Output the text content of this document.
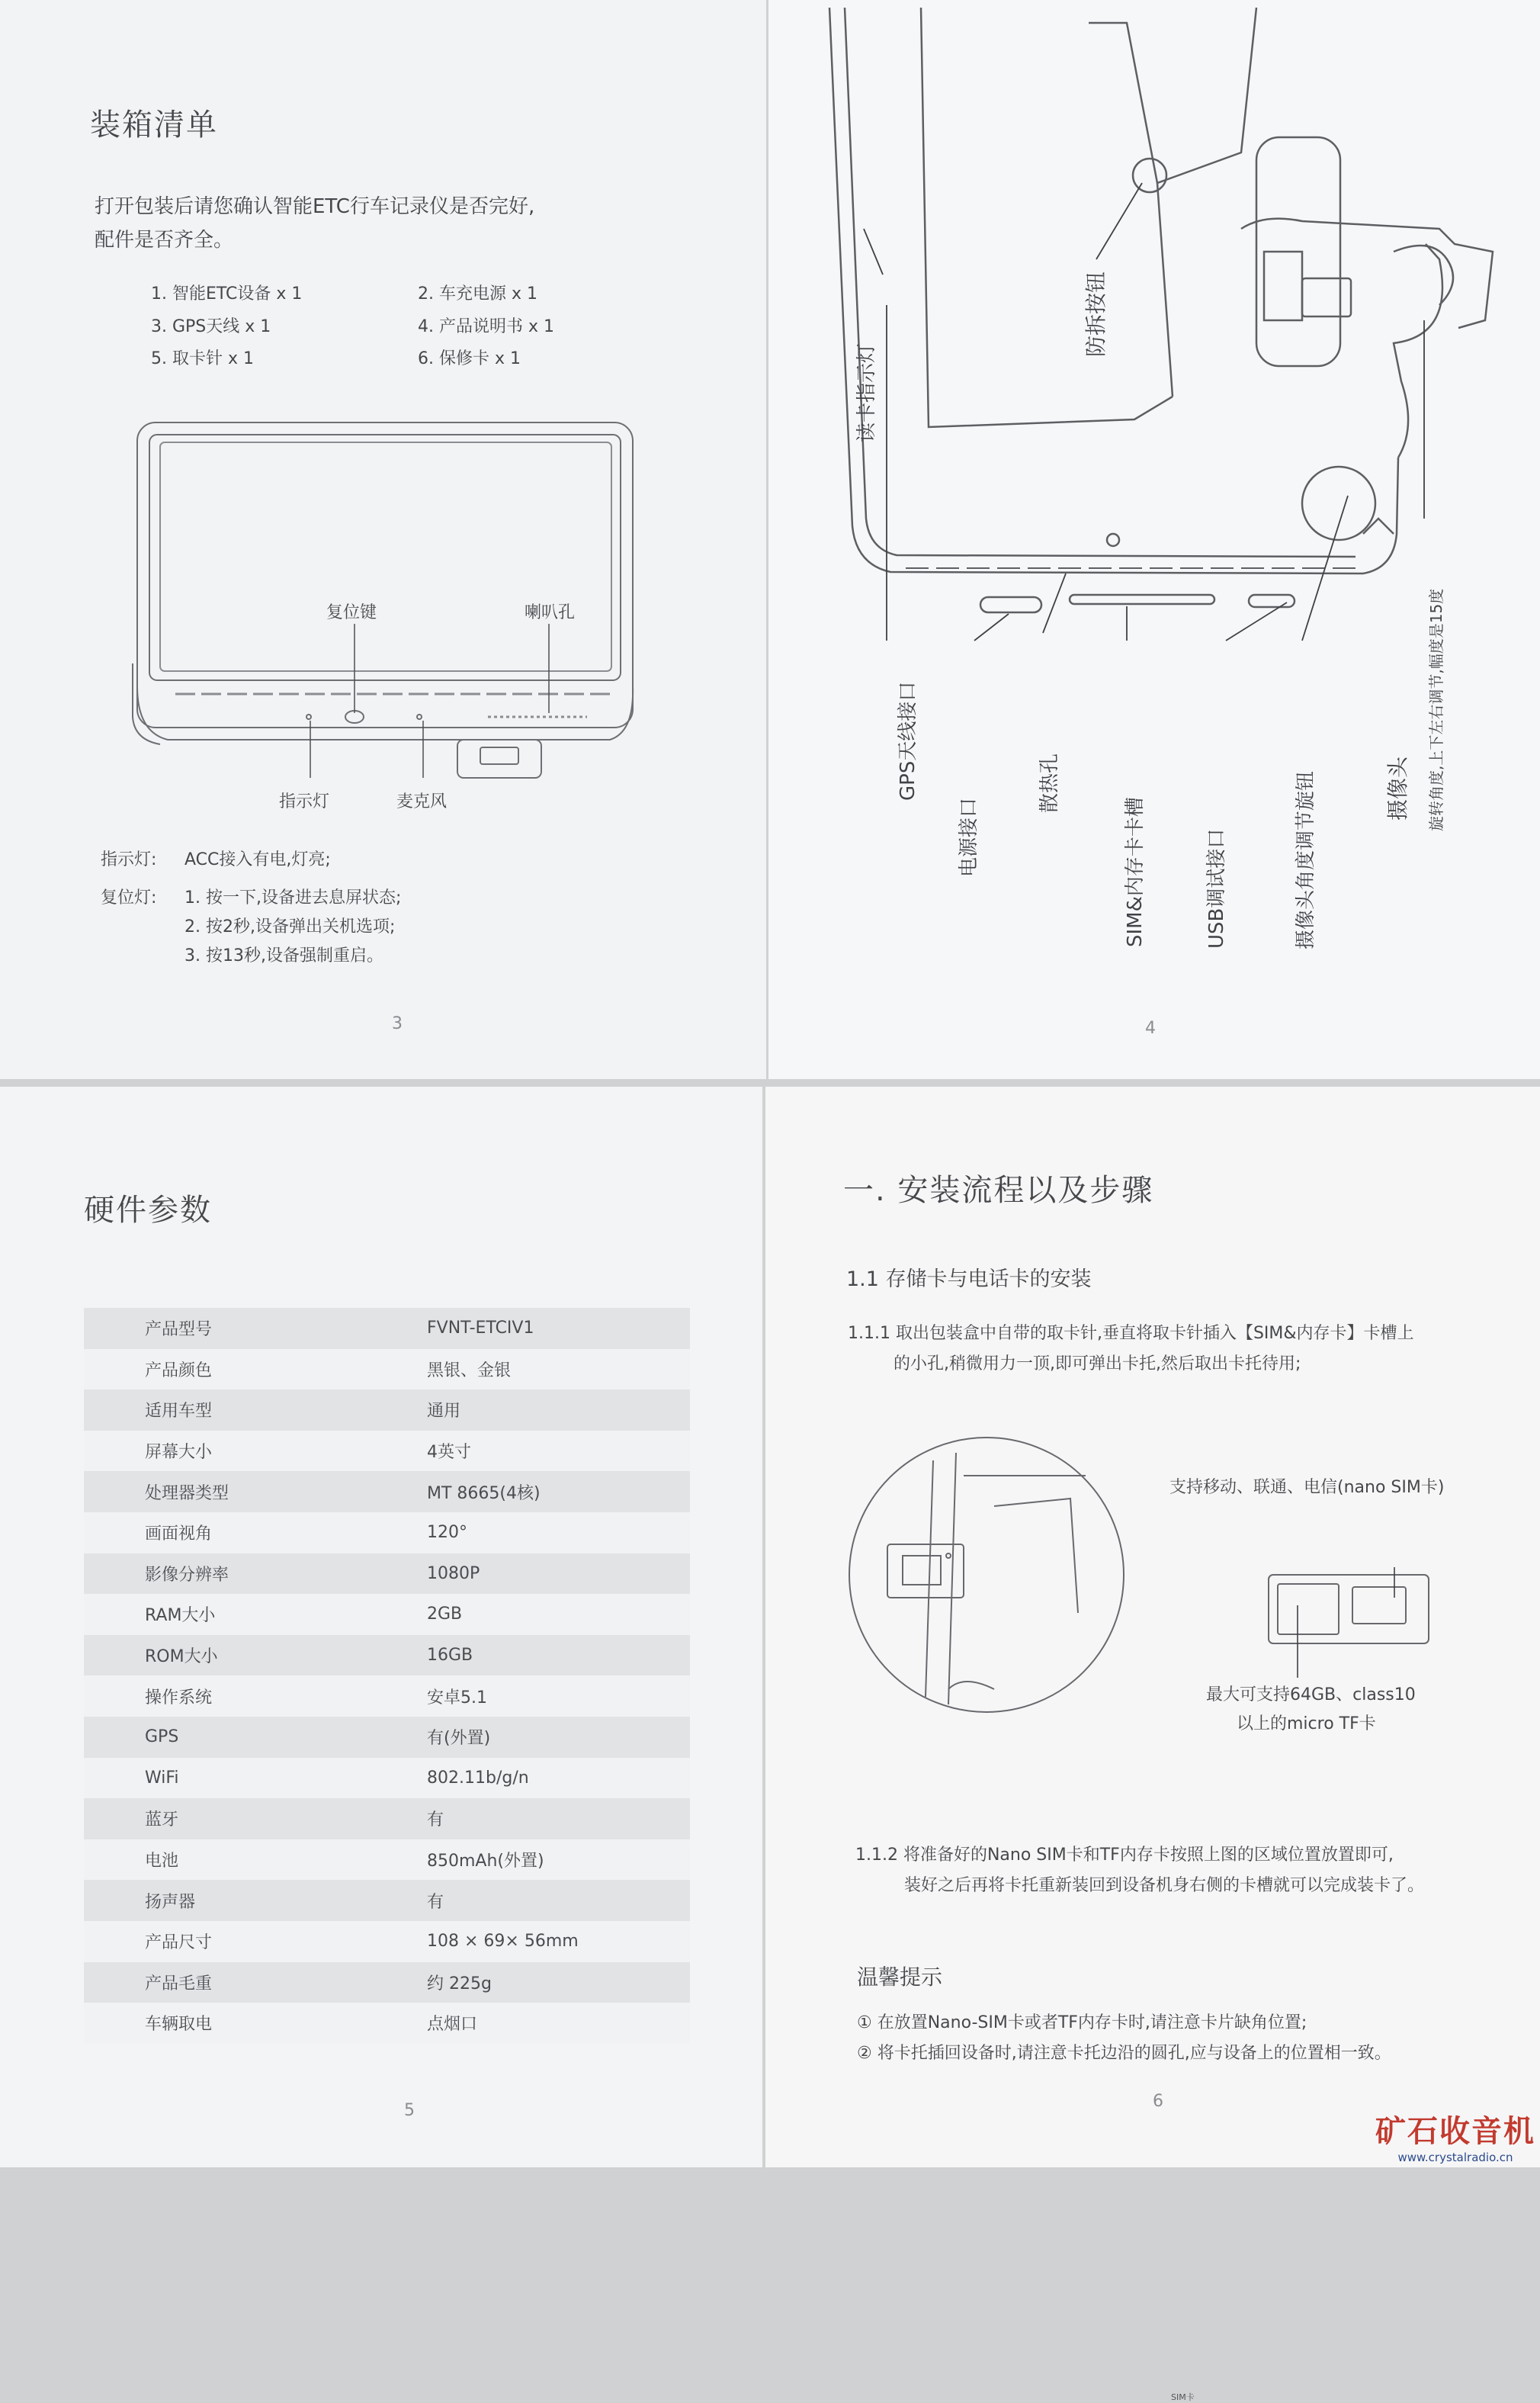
装箱清单
打开包装后请您确认智能ETC行车记录仪是否完好,
配件是否齐全。
1. 智能ETC设备 x 1	2. 车充电源 x 1
3. GPS天线 x 1	4. 产品说明书 x 1
5. 取卡针 x 1	6. 保修卡 x 1
复位键	喇叭孔
指示灯	麦克风
指示灯: ACC接入有电,灯亮;
复位灯: 1. 按一下,设备进去息屏状态;
2. 按2秒,设备弹出关机选项;
3. 按13秒,设备强制重启。
3
读卡指示灯
防拆按钮
GPS天线接口
电源接口
散热孔
SIM&内存卡卡槽	USB调试接口	摄像头角度调节旋钮	摄像头 旋转角度,上下左右调节,幅度是15度
4
硬件参数
产品型号	FVNT-ETCIV1
产品颜色	黑银、金银
适用车型	通用
屏幕大小	4英寸
处理器类型	MT 8665(4核)
画面视角	120°
影像分辨率	1080P
RAM大小	2GB
ROM大小	16GB
操作系统	安卓5.1
GPS	有(外置)
WiFi	802.11b/g/n
蓝牙	有
电池	850mAh(外置)
扬声器	有
产品尺寸	108 × 69× 56mm
产品毛重	约 225g
车辆取电	点烟口
5
一. 安装流程以及步骤
1.1 存储卡与电话卡的安装
1.1.1 取出包装盒中自带的取卡针,垂直将取卡针插入【SIM&内存卡】卡槽上
的小孔,稍微用力一顶,即可弹出卡托,然后取出卡托待用;
SIM卡
支持移动、联通、电信(nano SIM卡)
最大可支持64GB、class10
以上的micro TF卡
1.1.2 将准备好的Nano SIM卡和TF内存卡按照上图的区域位置放置即可,
装好之后再将卡托重新装回到设备机身右侧的卡槽就可以完成装卡了。
温馨提示
① 在放置Nano-SIM卡或者TF内存卡时,请注意卡片缺角位置;
② 将卡托插回设备时,请注意卡托边沿的圆孔,应与设备上的位置相一致。
6
矿石收音机
www.crystalradio.cn
